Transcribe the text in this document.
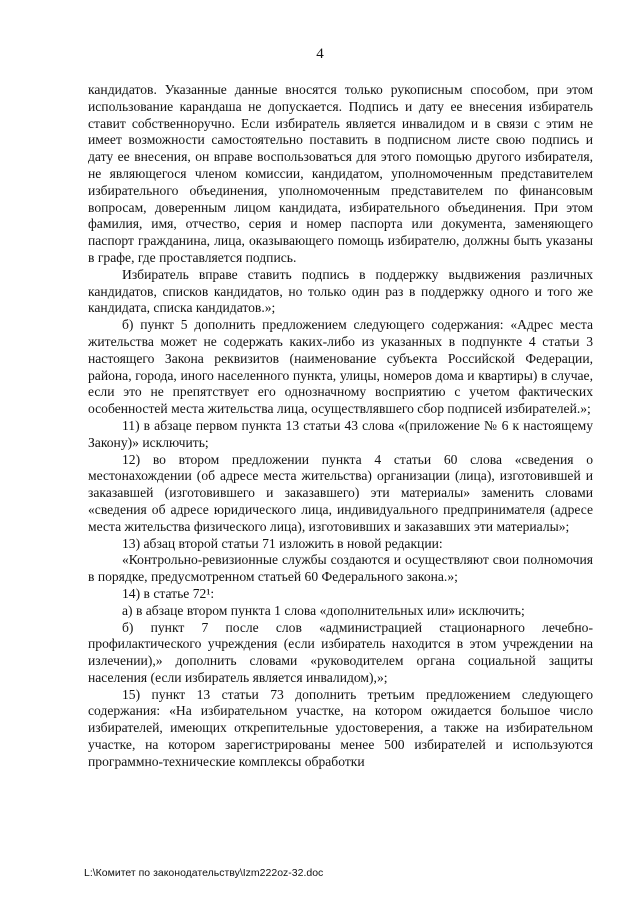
4

кандидатов. Указанные данные вносятся только рукописным способом, при этом использование карандаша не допускается. Подпись и дату ее внесения избиратель ставит собственноручно. Если избиратель является инвалидом и в связи с этим не имеет возможности самостоятельно поставить в подписном листе свою подпись и дату ее внесения, он вправе воспользоваться для этого помощью другого избирателя, не являющегося членом комиссии, кандидатом, уполномоченным представителем избирательного объединения, уполномоченным представителем по финансовым вопросам, доверенным лицом кандидата, избирательного объединения. При этом фамилия, имя, отчество, серия и номер паспорта или документа, заменяющего паспорт гражданина, лица, оказывающего помощь избирателю, должны быть указаны в графе, где проставляется подпись.

Избиратель вправе ставить подпись в поддержку выдвижения различных кандидатов, списков кандидатов, но только один раз в поддержку одного и того же кандидата, списка кандидатов.»;

б) пункт 5 дополнить предложением следующего содержания: «Адрес места жительства может не содержать каких-либо из указанных в подпункте 4 статьи 3 настоящего Закона реквизитов (наименование субъекта Российской Федерации, района, города, иного населенного пункта, улицы, номеров дома и квартиры) в случае, если это не препятствует его однозначному восприятию с учетом фактических особенностей места жительства лица, осуществлявшего сбор подписей избирателей.»;

11) в абзаце первом пункта 13 статьи 43 слова «(приложение № 6 к настоящему Закону)» исключить;

12) во втором предложении пункта 4 статьи 60 слова «сведения о местонахождении (об адресе места жительства) организации (лица), изготовившей и заказавшей (изготовившего и заказавшего) эти материалы» заменить словами «сведения об адресе юридического лица, индивидуального предпринимателя (адресе места жительства физического лица), изготовивших и заказавших эти материалы»;

13) абзац второй статьи 71 изложить в новой редакции:

«Контрольно-ревизионные службы создаются и осуществляют свои полномочия в порядке, предусмотренном статьей 60 Федерального закона.»;

14) в статье 72¹:

а) в абзаце втором пункта 1 слова «дополнительных или» исключить;

б) пункт 7 после слов «администрацией стационарного лечебно-профилактического учреждения (если избиратель находится в этом учреждении на излечении),» дополнить словами «руководителем органа социальной защиты населения (если избиратель является инвалидом),»;

15) пункт 13 статьи 73 дополнить третьим предложением следующего содержания: «На избирательном участке, на котором ожидается большое число избирателей, имеющих открепительные удостоверения, а также на избирательном участке, на котором зарегистрированы менее 500 избирателей и используются программно-технические комплексы обработки

L:\Комитет по законодательству\Izm222oz-32.doc
